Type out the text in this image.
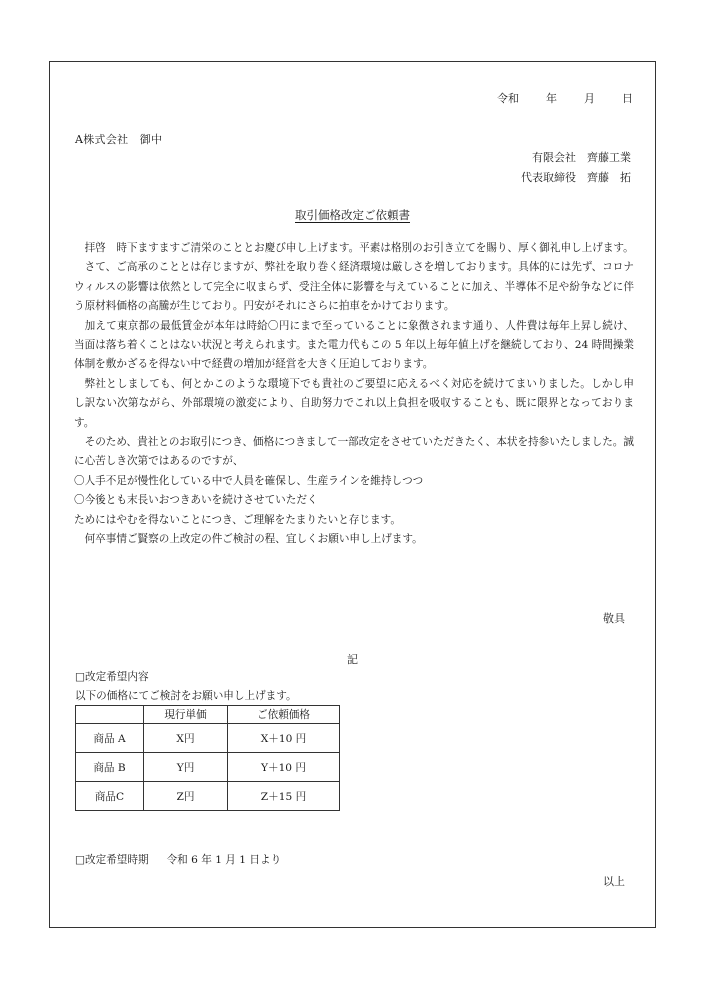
令和 年 月 日
A株式会社　御中
有限会社　齊藤工業
代表取締役　齊藤　拓
取引価格改定ご依頼書

拝啓　時下ますますご清栄のこととお慶び申し上げます。平素は格別のお引き立てを賜り、厚く御礼申し上げます。

さて、ご高承のこととは存じますが、弊社を取り巻く経済環境は厳しさを増しております。具体的には先ず、コロナウィルスの影響は依然として完全に収まらず、受注全体に影響を与えていることに加え、半導体不足や紛争などに伴う原材料価格の高騰が生じており。円安がそれにさらに拍車をかけております。

加えて東京都の最低賃金が本年は時給〇円にまで至っていることに象徴されます通り、人件費は毎年上昇し続け、当面は落ち着くことはない状況と考えられます。また電力代もこの 5 年以上毎年値上げを継続しており、24 時間操業体制を敷かざるを得ない中で経費の増加が経営を大きく圧迫しております。

弊社としましても、何とかこのような環境下でも貴社のご要望に応えるべく対応を続けてまいりました。しかし申し訳ない次第ながら、外部環境の激変により、自助努力でこれ以上負担を吸収することも、既に限界となっております。

そのため、貴社とのお取引につき、価格につきまして一部改定をさせていただきたく、本状を持参いたしました。誠に心苦しき次第ではあるのですが、

〇人手不足が慢性化している中で人員を確保し、生産ラインを維持しつつ

〇今後とも末長いおつきあいを続けさせていただく

ためにはやむを得ないことにつき、ご理解をたまりたいと存じます。

何卒事情ご賢察の上改定の件ご検討の程、宜しくお願い申し上げます。

敬具
記
□改定希望内容
以下の価格にてご検討をお願い申し上げます。
	現行単価	ご依頼価格
商品 A	X円	X＋10 円
商品 B	Y円	Y＋10 円
商品C	Z円	Z＋15 円
□改定希望時期 令和 6 年 1 月 1 日より
以上
